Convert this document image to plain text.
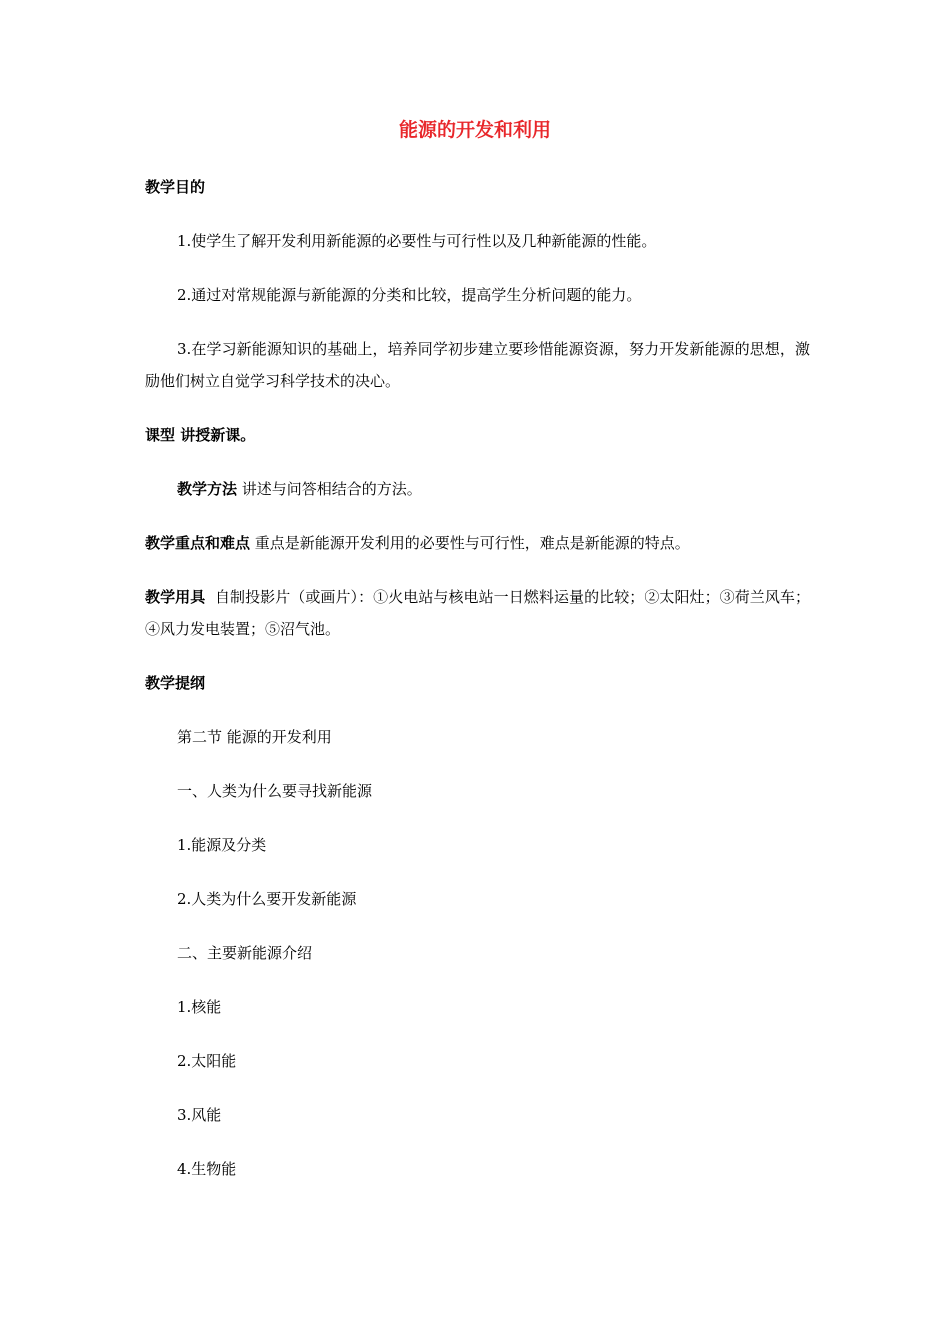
能源的开发和利用
教学目的
1.使学生了解开发利用新能源的必要性与可行性以及几种新能源的性能。
2.通过对常规能源与新能源的分类和比较，提高学生分析问题的能力。
3.在学习新能源知识的基础上，培养同学初步建立要珍惜能源资源，努力开发新能源的思想，激励他们树立自觉学习科学技术的决心。
课型 讲授新课。
教学方法 讲述与问答相结合的方法。
教学重点和难点 重点是新能源开发利用的必要性与可行性，难点是新能源的特点。
教学用具 自制投影片（或画片）：①火电站与核电站一日燃料运量的比较；②太阳灶；③荷兰风车；④风力发电装置；⑤沼气池。
教学提纲
第二节 能源的开发利用
一、人类为什么要寻找新能源
1.能源及分类
2.人类为什么要开发新能源
二、主要新能源介绍
1.核能
2.太阳能
3.风能
4.生物能
